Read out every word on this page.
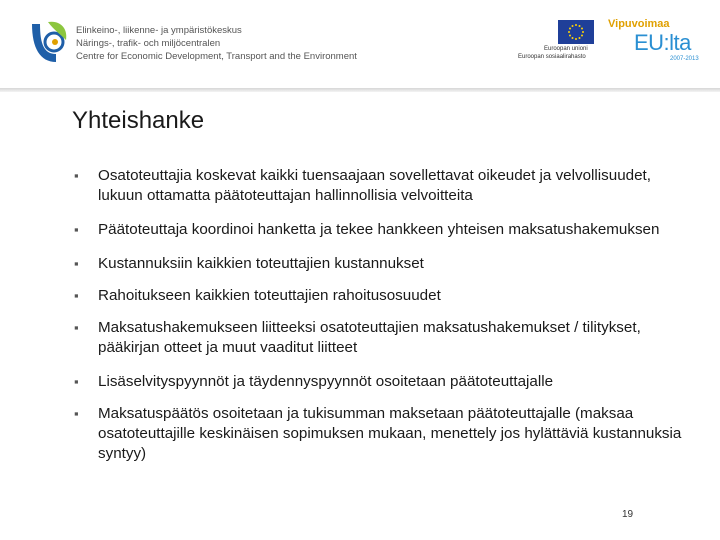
Elinkeino-, liikenne- ja ympäristökeskus
Närings-, trafik- och miljöcentralen
Centre for Economic Development, Transport and the Environment
Euroopan unioni
Euroopan sosiaalirahasto
Vipuvoimaa
EU:lta
2007-2013
Yhteishanke
▪ Osatoteuttajia koskevat kaikki tuensaajaan sovellettavat oikeudet ja velvollisuudet, lukuun ottamatta päätoteuttajan hallinnollisia velvoitteita
▪ Päätoteuttaja koordinoi hanketta ja tekee hankkeen yhteisen maksatushakemuksen
▪ Kustannuksiin kaikkien toteuttajien kustannukset
▪ Rahoitukseen kaikkien toteuttajien rahoitusosuudet
▪ Maksatushakemukseen liitteeksi osatoteuttajien maksatushakemukset / tilitykset, pääkirjan otteet ja muut vaaditut liitteet
▪ Lisäselvityspyynnöt ja täydennyspyynnöt osoitetaan päätoteuttajalle
▪ Maksatuspäätös osoitetaan ja tukisumman maksetaan päätoteuttajalle (maksaa osatoteuttajille keskinäisen sopimuksen mukaan, menettely jos hylättäviä kustannuksia syntyy)
19
